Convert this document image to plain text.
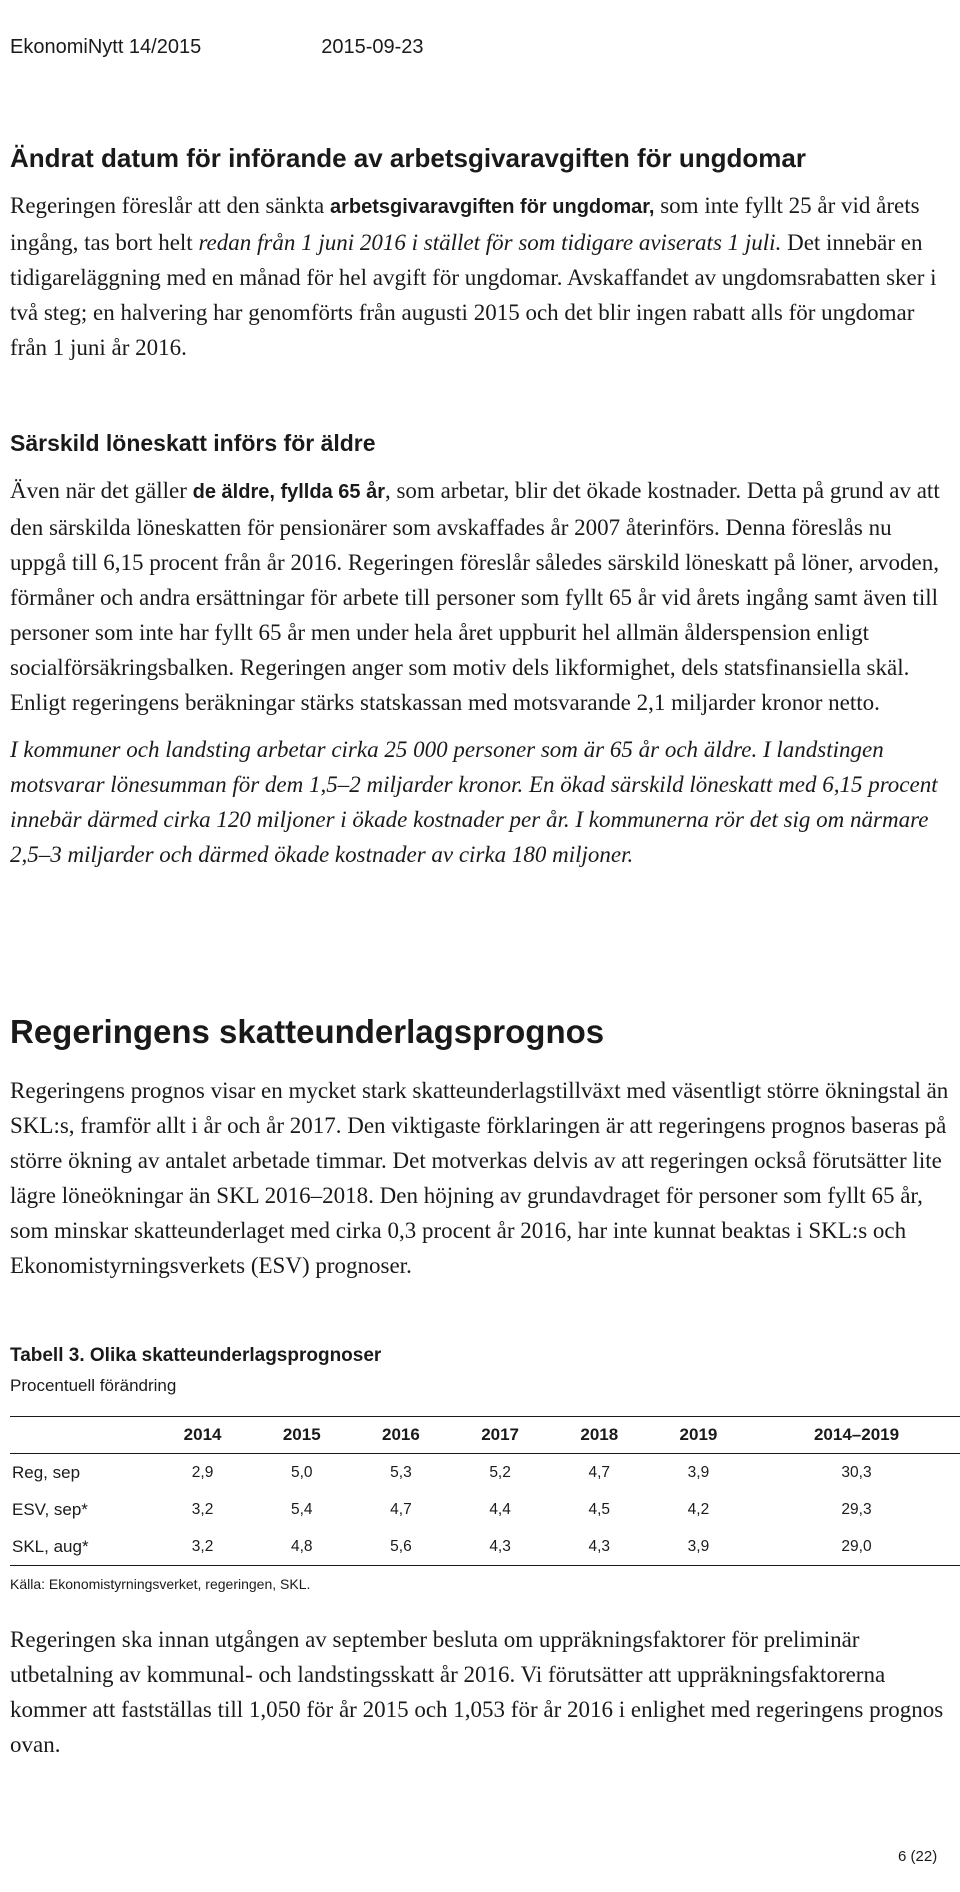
EkonomiNytt 14/2015	2015-09-23
Ändrat datum för införande av arbetsgivaravgiften för ungdomar

Regeringen föreslår att den sänkta arbetsgivaravgiften för ungdomar, som inte fyllt 25 år vid årets ingång, tas bort helt redan från 1 juni 2016 i stället för som tidigare aviserats 1 juli. Det innebär en tidigareläggning med en månad för hel avgift för ungdomar. Avskaffandet av ungdomsrabatten sker i två steg; en halvering har genomförts från augusti 2015 och det blir ingen rabatt alls för ungdomar från 1 juni år 2016.

Särskild löneskatt införs för äldre

Även när det gäller de äldre, fyllda 65 år, som arbetar, blir det ökade kostnader. Detta på grund av att den särskilda löneskatten för pensionärer som avskaffades år 2007 återinförs. Denna föreslås nu uppgå till 6,15 procent från år 2016. Regeringen föreslår således särskild löneskatt på löner, arvoden, förmåner och andra ersättningar för arbete till personer som fyllt 65 år vid årets ingång samt även till personer som inte har fyllt 65 år men under hela året uppburit hel allmän ålderspension enligt socialförsäkringsbalken. Regeringen anger som motiv dels likformighet, dels statsfinansiella skäl. Enligt regeringens beräkningar stärks statskassan med motsvarande 2,1 miljarder kronor netto.

I kommuner och landsting arbetar cirka 25 000 personer som är 65 år och äldre. I landstingen motsvarar lönesumman för dem 1,5–2 miljarder kronor. En ökad särskild löneskatt med 6,15 procent innebär därmed cirka 120 miljoner i ökade kostnader per år. I kommunerna rör det sig om närmare 2,5–3 miljarder och därmed ökade kostnader av cirka 180 miljoner.

Regeringens skatteunderlagsprognos

Regeringens prognos visar en mycket stark skatteunderlagstillväxt med väsentligt större ökningstal än SKL:s, framför allt i år och år 2017. Den viktigaste förklaringen är att regeringens prognos baseras på större ökning av antalet arbetade timmar. Det motverkas delvis av att regeringen också förutsätter lite lägre löneökningar än SKL 2016–2018. Den höjning av grundavdraget för personer som fyllt 65 år, som minskar skatteunderlaget med cirka 0,3 procent år 2016, har inte kunnat beaktas i SKL:s och Ekonomistyrningsverkets (ESV) prognoser.

Tabell 3. Olika skatteunderlagsprognoser
Procentuell förändring
	2014	2015	2016	2017	2018	2019	2014–2019
Reg, sep	2,9	5,0	5,3	5,2	4,7	3,9	30,3
ESV, sep*	3,2	5,4	4,7	4,4	4,5	4,2	29,3
SKL, aug*	3,2	4,8	5,6	4,3	4,3	3,9	29,0
Källa: Ekonomistyrningsverket, regeringen, SKL.

Regeringen ska innan utgången av september besluta om uppräkningsfaktorer för preliminär utbetalning av kommunal- och landstingsskatt år 2016. Vi förutsätter att uppräkningsfaktorerna kommer att fastställas till 1,050 för år 2015 och 1,053 för år 2016 i enlighet med regeringens prognos ovan.

6 (22)
